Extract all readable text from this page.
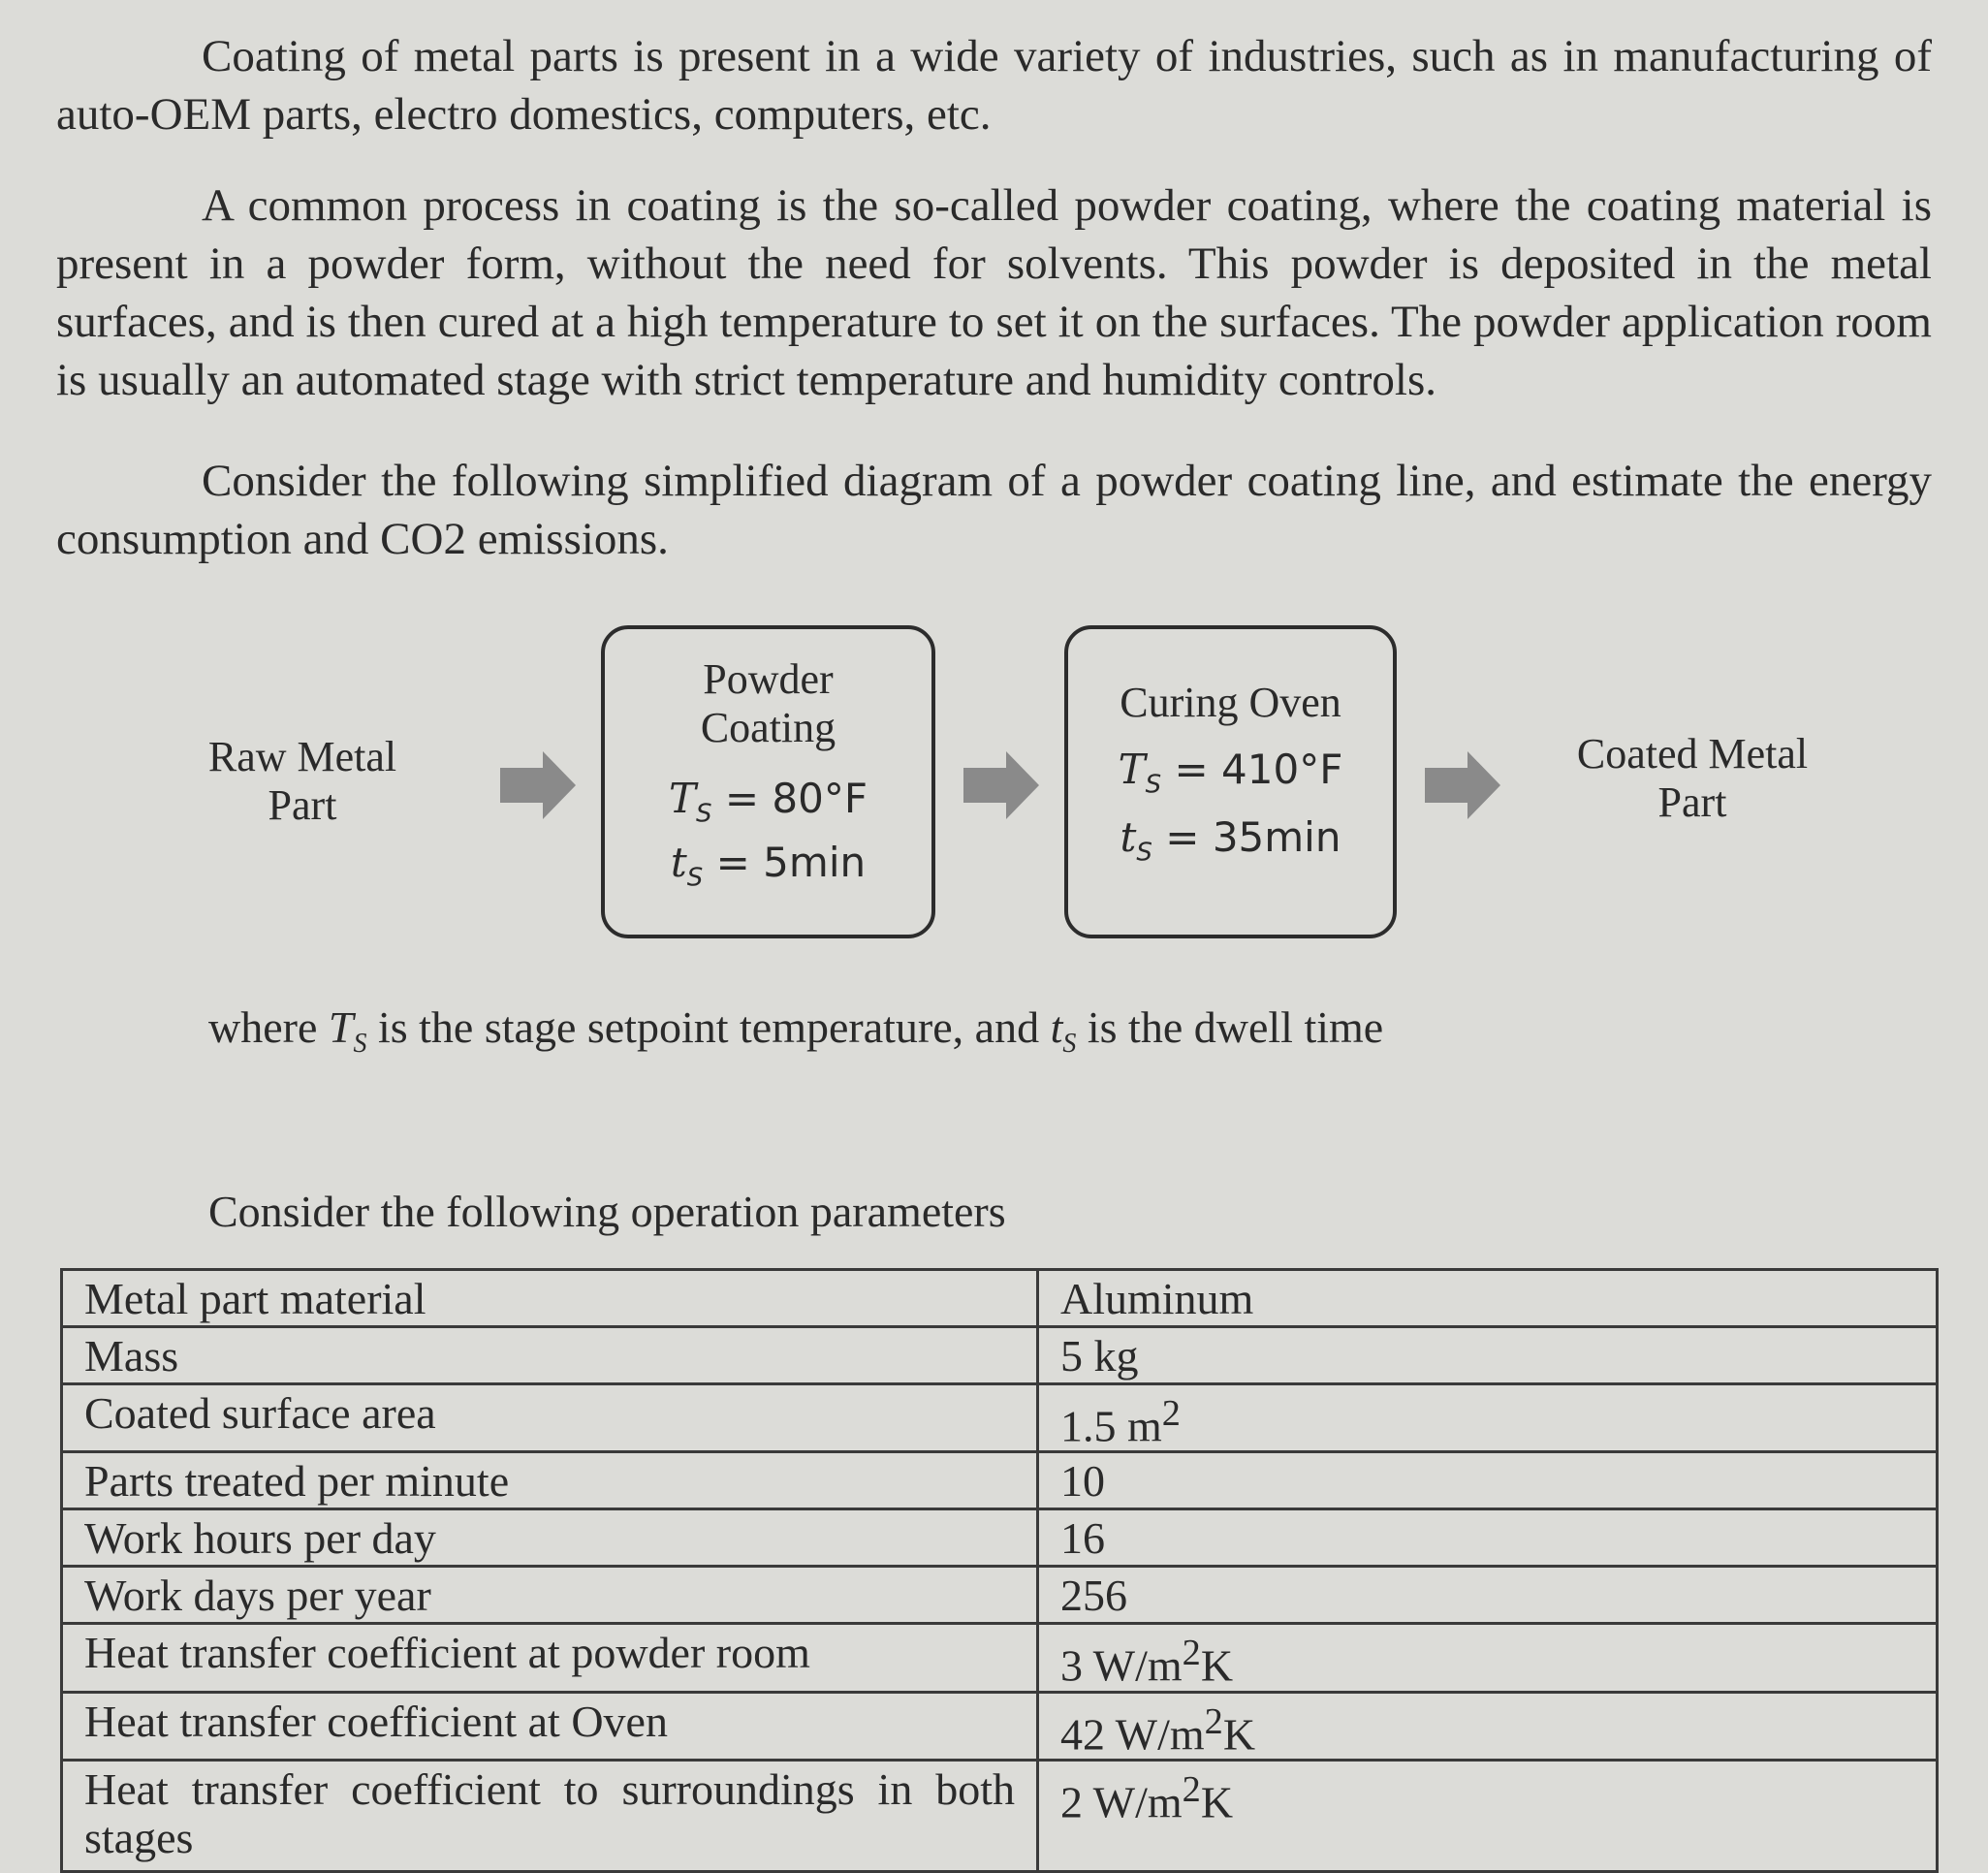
Coating of metal parts is present in a wide variety of industries, such as in manufacturing of auto-OEM parts, electro domestics, computers, etc.

A common process in coating is the so-called powder coating, where the coating material is present in a powder form, without the need for solvents. This powder is deposited in the metal surfaces, and is then cured at a high temperature to set it on the surfaces. The powder application room is usually an automated stage with strict temperature and humidity controls.

Consider the following simplified diagram of a powder coating line, and estimate the energy consumption and CO2 emissions.

Raw Metal
Part
Powder
Coating
$T_S = 80^\circ F$
$t_S = 5\min$
Curing Oven
$T_S = 410^\circ F$
$t_S = 35\min$
Coated Metal
Part

where $T_S$ is the stage setpoint temperature, and $t_S$ is the dwell time

Consider the following operation parameters

Metal part material	Aluminum

Mass	5 kg

Coated surface area	1.5 $m^2$

Parts treated per minute	10

Work hours per day	16

Work days per year	256

Heat transfer coefficient at powder room	3 $W/m^2K$

Heat transfer coefficient at Oven	42 $W/m^2K$

Heat transfer coefficient to surroundings in both stages	2 $W/m^2K$
